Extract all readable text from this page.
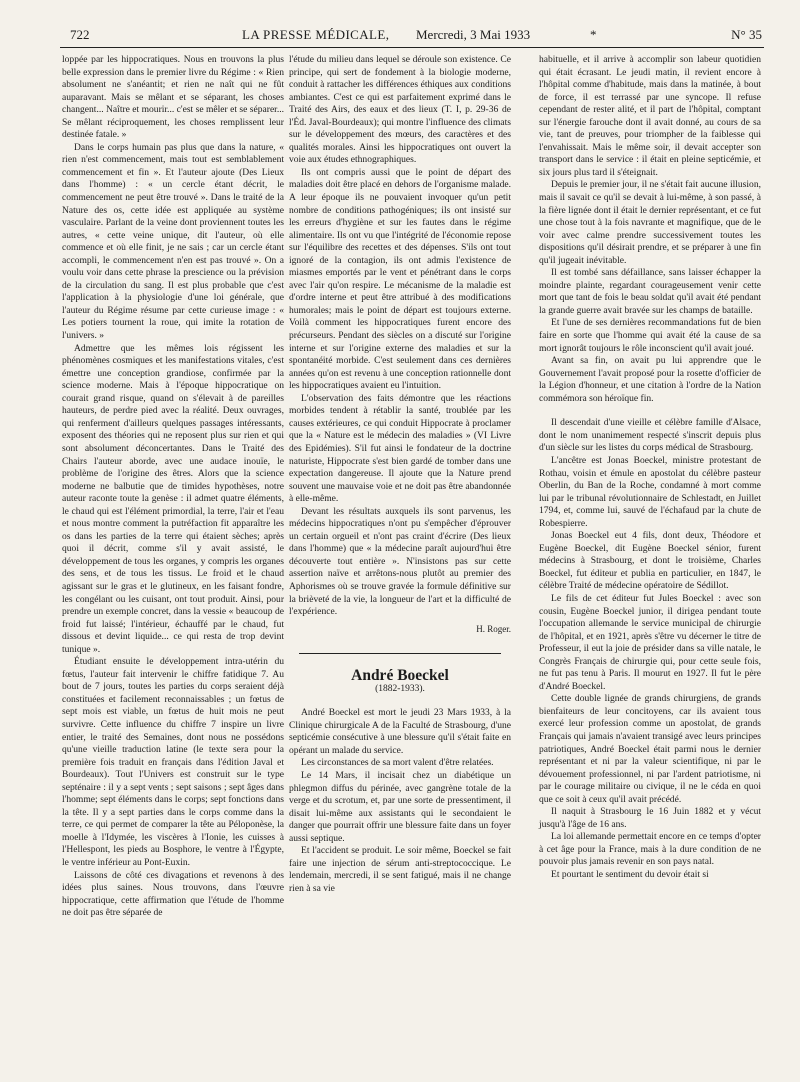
722	LA PRESSE MÉDICALE, Mercredi, 3 Mai 1933	*	N° 35

loppée par les hippocratiques. Nous en trouvons la plus belle expression dans le premier livre du Régime : « Rien absolument ne s'anéantit; et rien ne naît qui ne fût auparavant. Mais se mêlant et se séparant, les choses changent... Naître et mourir... c'est se mêler et se séparer... Se mêlant réciproquement, les choses remplissent leur destinée fatale. »

Dans le corps humain pas plus que dans la nature, « rien n'est commencement, mais tout est semblablement commencement et fin ». Et l'auteur ajoute (Des Lieux dans l'homme) : « un cercle étant décrit, le commencement ne peut être trouvé ». Dans le traité de la Nature des os, cette idée est appliquée au système vasculaire. Parlant de la veine dont proviennent toutes les autres, « cette veine unique, dit l'auteur, où elle commence et où elle finit, je ne sais ; car un cercle étant accompli, le commencement n'en est pas trouvé ». On a voulu voir dans cette phrase la prescience ou la prévision de la circulation du sang. Il est plus probable que c'est l'application à la physiologie d'une loi générale, que l'auteur du Régime résume par cette curieuse image : « Les potiers tournent la roue, qui imite la rotation de l'univers. »

Admettre que les mêmes lois régissent les phénomènes cosmiques et les manifestations vitales, c'est émettre une conception grandiose, confirmée par la science moderne. Mais à l'époque hippocratique on courait grand risque, quand on s'élevait à de pareilles hauteurs, de perdre pied avec la réalité. Deux ouvrages, qui renferment d'ailleurs quelques passages intéressants, exposent des théories qui ne reposent plus sur rien et qui sont absolument déconcertantes. Dans le Traité des Chairs l'auteur aborde, avec une audace inouïe, le problème de l'origine des êtres. Alors que la science moderne ne balbutie que de timides hypothèses, notre auteur raconte toute la genèse : il admet quatre éléments, le chaud qui est l'élément primordial, la terre, l'air et l'eau et nous montre comment la putréfaction fit apparaître les os dans les parties de la terre qui étaient sèches; après quoi il décrit, comme s'il y avait assisté, le développement de tous les organes, y compris les organes des sens, et de tous les tissus. Le froid et le chaud agissant sur le gras et le glutineux, en les faisant fondre, les congélant ou les cuisant, ont tout produit. Ainsi, pour prendre un exemple concret, dans la vessie « beaucoup de froid fut laissé; l'intérieur, échauffé par le chaud, fut dissous et devint liquide... ce qui resta de trop devint tunique ».

Étudiant ensuite le développement intra-utérin du fœtus, l'auteur fait intervenir le chiffre fatidique 7. Au bout de 7 jours, toutes les parties du corps seraient déjà constituées et facilement reconnaissables ; un fœtus de sept mois est viable, un fœtus de huit mois ne peut survivre. Cette influence du chiffre 7 inspire un livre entier, le traité des Semaines, dont nous ne possédons qu'une vieille traduction latine (le texte sera pour la première fois traduit en français dans l'édition Javal et Bourdeaux). Tout l'Univers est construit sur le type septénaire : il y a sept vents ; sept saisons ; sept âges dans l'homme; sept éléments dans le corps; sept fonctions dans la tête. Il y a sept parties dans le corps comme dans la terre, ce qui permet de comparer la tête au Péloponèse, la moelle à l'Idymée, les viscères à l'Ionie, les cuisses à l'Hellespont, les pieds au Bosphore, le ventre à l'Égypte, le ventre inférieur au Pont-Euxin.

Laissons de côté ces divagations et revenons à des idées plus saines. Nous trouvons, dans l'œuvre hippocratique, cette affirmation que l'étude de l'homme ne doit pas être séparée de

l'étude du milieu dans lequel se déroule son existence. Ce principe, qui sert de fondement à la biologie moderne, conduit à rattacher les différences éthiques aux conditions ambiantes. C'est ce qui est parfaitement exprimé dans le Traité des Airs, des eaux et des lieux (T. I, p. 29-36 de l'Éd. Javal-Bourdeaux); qui montre l'influence des climats sur le développement des mœurs, des caractères et des qualités morales. Ainsi les hippocratiques ont ouvert la voie aux études ethnographiques.

Ils ont compris aussi que le point de départ des maladies doit être placé en dehors de l'organisme malade. A leur époque ils ne pouvaient invoquer qu'un petit nombre de conditions pathogéniques; ils ont insisté sur les erreurs d'hygiène et sur les fautes dans le régime alimentaire. Ils ont vu que l'intégrité de l'économie repose sur l'équilibre des recettes et des dépenses. S'ils ont tout ignoré de la contagion, ils ont admis l'existence de miasmes emportés par le vent et pénétrant dans le corps avec l'air qu'on respire. Le mécanisme de la maladie est d'ordre interne et peut être attribué à des modifications humorales; mais le point de départ est toujours externe. Voilà comment les hippocratiques furent encore des précurseurs. Pendant des siècles on a discuté sur l'origine interne et sur l'origine externe des maladies et sur la spontanéité morbide. C'est seulement dans ces dernières années qu'on est revenu à une conception rationnelle dont les hippocratiques avaient eu l'intuition.

L'observation des faits démontre que les réactions morbides tendent à rétablir la santé, troublée par les causes extérieures, ce qui conduit Hippocrate à proclamer que la « Nature est le médecin des maladies » (VI Livre des Epidémies). S'il fut ainsi le fondateur de la doctrine naturiste, Hippocrate s'est bien gardé de tomber dans une expectation dangereuse. Il ajoute que la Nature prend souvent une mauvaise voie et ne doit pas être abandonnée à elle-même.

Devant les résultats auxquels ils sont parvenus, les médecins hippocratiques n'ont pu s'empêcher d'éprouver un certain orgueil et n'ont pas craint d'écrire (Des lieux dans l'homme) que « la médecine paraît aujourd'hui être découverte tout entière ». N'insistons pas sur cette assertion naïve et arrêtons-nous plutôt au premier des Aphorismes où se trouve gravée la formule définitive sur la brièveté de la vie, la longueur de l'art et la difficulté de l'expérience.

H. Roger.

André Boeckel

(1882-1933).

André Boeckel est mort le jeudi 23 Mars 1933, à la Clinique chirurgicale A de la Faculté de Strasbourg, d'une septicémie consécutive à une blessure qu'il s'était faite en opérant un malade du service.

Les circonstances de sa mort valent d'être relatées.

Le 14 Mars, il incisait chez un diabétique un phlegmon diffus du périnée, avec gangrène totale de la verge et du scrotum, et, par une sorte de pressentiment, il disait lui-même aux assistants qui le secondaient le danger que pourrait offrir une blessure faite dans un foyer aussi septique.

Et l'accident se produit. Le soir même, Boeckel se fait faire une injection de sérum anti-streptococcique. Le lendemain, mercredi, il se sent fatigué, mais il ne change rien à sa vie

habituelle, et il arrive à accomplir son labeur quotidien qui était écrasant. Le jeudi matin, il revient encore à l'hôpital comme d'habitude, mais dans la matinée, à bout de force, il est terrassé par une syncope. Il refuse cependant de rester alité, et il part de l'hôpital, comptant sur l'énergie farouche dont il avait donné, au cours de sa vie, tant de preuves, pour triompher de la faiblesse qui l'envahissait. Mais le même soir, il devait accepter son transport dans le service : il était en pleine septicémie, et six jours plus tard il s'éteignait.

Depuis le premier jour, il ne s'était fait aucune illusion, mais il savait ce qu'il se devait à lui-même, à son passé, à la fière lignée dont il était le dernier représentant, et ce fut une chose tout à la fois navrante et magnifique, que de le voir avec calme prendre successivement toutes les dispositions qu'il désirait prendre, et se préparer à une fin qu'il jugeait inévitable.

Il est tombé sans défaillance, sans laisser échapper la moindre plainte, regardant courageusement venir cette mort que tant de fois le beau soldat qu'il avait été pendant la grande guerre avait bravée sur les champs de bataille.

Et l'une de ses dernières recommandations fut de bien faire en sorte que l'homme qui avait été la cause de sa mort ignorât toujours le rôle inconscient qu'il avait joué.

Avant sa fin, on avait pu lui apprendre que le Gouvernement l'avait proposé pour la rosette d'officier de la Légion d'honneur, et une citation à l'ordre de la Nation commémora son héroïque fin.

Il descendait d'une vieille et célèbre famille d'Alsace, dont le nom unanimement respecté s'inscrit depuis plus d'un siècle sur les listes du corps médical de Strasbourg.

L'ancêtre est Jonas Boeckel, ministre protestant de Rothau, voisin et émule en apostolat du célèbre pasteur Oberlin, du Ban de la Roche, condamné à mort comme lui par le tribunal révolutionnaire de Schlestadt, en Juillet 1794, et, comme lui, sauvé de l'échafaud par la chute de Robespierre.

Jonas Boeckel eut 4 fils, dont deux, Théodore et Eugène Boeckel, dit Eugène Boeckel sénior, furent médecins à Strasbourg, et dont le troisième, Charles Boeckel, fut éditeur et publia en particulier, en 1847, le célèbre Traité de médecine opératoire de Sédillot.

Le fils de cet éditeur fut Jules Boeckel : avec son cousin, Eugène Boeckel junior, il dirigea pendant toute l'occupation allemande le service municipal de chirurgie de l'hôpital, et en 1921, après s'être vu décerner le titre de Professeur, il eut la joie de présider dans sa ville natale, le Congrès Français de chirurgie qui, pour cette seule fois, ne fut pas tenu à Paris. Il mourut en 1927. Il fut le père d'André Boeckel.

Cette double lignée de grands chirurgiens, de grands bienfaiteurs de leur concitoyens, car ils avaient tous exercé leur profession comme un apostolat, de grands Français qui jamais n'avaient transigé avec leurs principes patriotiques, André Boeckel était parmi nous le dernier représentant et ni par la valeur scientifique, ni par le dévouement professionnel, ni par l'ardent patriotisme, ni par le courage militaire ou civique, il ne le céda en quoi que ce soit à ceux qu'il avait précédé.

Il naquit à Strasbourg le 16 Juin 1882 et y vécut jusqu'à l'âge de 16 ans.

La loi allemande permettait encore en ce temps d'opter à cet âge pour la France, mais à la dure condition de ne pouvoir plus jamais revenir en son pays natal.

Et pourtant le sentiment du devoir était si
